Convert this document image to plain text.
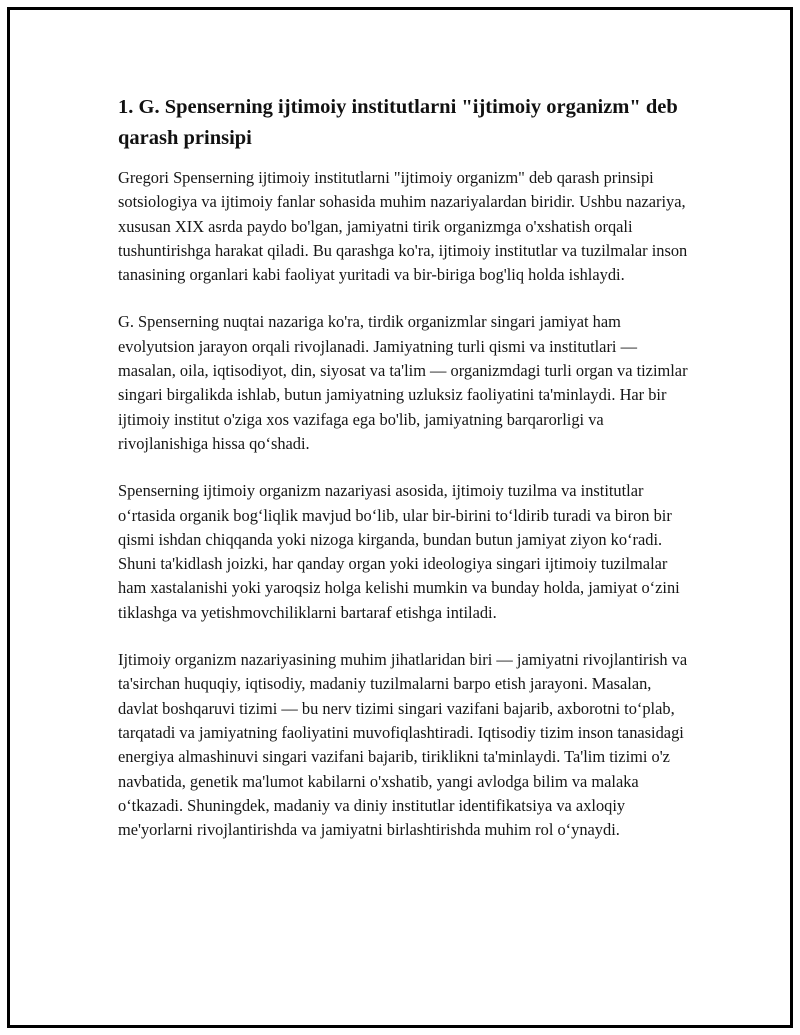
1. G. Spenserning ijtimoiy institutlarni "ijtimoiy organizm" deb qarash prinsipi

Gregori Spenserning ijtimoiy institutlarni "ijtimoiy organizm" deb qarash prinsipi sotsiologiya va ijtimoiy fanlar sohasida muhim nazariyalardan biridir. Ushbu nazariya, xususan XIX asrda paydo bo'lgan, jamiyatni tirik organizmga o'xshatish orqali tushuntirishga harakat qiladi. Bu qarashga ko'ra, ijtimoiy institutlar va tuzilmalar inson tanasining organlari kabi faoliyat yuritadi va bir-biriga bog'liq holda ishlaydi.

G. Spenserning nuqtai nazariga ko'ra, tirdik organizmlar singari jamiyat ham evolyutsion jarayon orqali rivojlanadi. Jamiyatning turli qismi va institutlari — masalan, oila, iqtisodiyot, din, siyosat va ta'lim — organizmdagi turli organ va tizimlar singari birgalikda ishlab, butun jamiyatning uzluksiz faoliyatini ta'minlaydi. Har bir ijtimoiy institut o'ziga xos vazifaga ega bo'lib, jamiyatning barqarorligi va rivojlanishiga hissa qo‘shadi.

Spenserning ijtimoiy organizm nazariyasi asosida, ijtimoiy tuzilma va institutlar o‘rtasida organik bog‘liqlik mavjud bo‘lib, ular bir-birini to‘ldirib turadi va biron bir qismi ishdan chiqqanda yoki nizoga kirganda, bundan butun jamiyat ziyon ko‘radi. Shuni ta'kidlash joizki, har qanday organ yoki ideologiya singari ijtimoiy tuzilmalar ham xastalanishi yoki yaroqsiz holga kelishi mumkin va bunday holda, jamiyat o‘zini tiklashga va yetishmovchiliklarni bartaraf etishga intiladi.

Ijtimoiy organizm nazariyasining muhim jihatlaridan biri — jamiyatni rivojlantirish va ta'sirchan huquqiy, iqtisodiy, madaniy tuzilmalarni barpo etish jarayoni. Masalan, davlat boshqaruvi tizimi — bu nerv tizimi singari vazifani bajarib, axborotni to‘plab, tarqatadi va jamiyatning faoliyatini muvofiqlashtiradi. Iqtisodiy tizim inson tanasidagi energiya almashinuvi singari vazifani bajarib, tiriklikni ta'minlaydi. Ta'lim tizimi o'z navbatida, genetik ma'lumot kabilarni o'xshatib, yangi avlodga bilim va malaka o‘tkazadi. Shuningdek, madaniy va diniy institutlar identifikatsiya va axloqiy me'yorlarni rivojlantirishda va jamiyatni birlashtirishda muhim rol o‘ynaydi.
